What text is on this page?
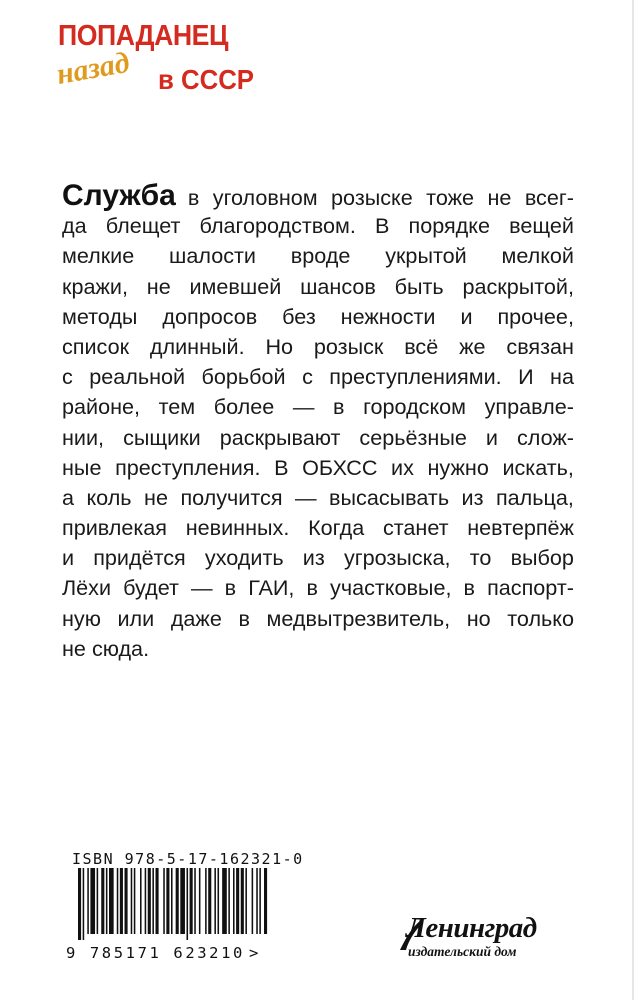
ПОПАДАНЕЦ
назад в СССР
Служба в уголовном розыске тоже не всег-
да блещет благородством. В порядке вещей
мелкие шалости вроде укрытой мелкой
кражи, не имевшей шансов быть раскрытой,
методы допросов без нежности и прочее,
список длинный. Но розыск всё же связан
с реальной борьбой с преступлениями. И на
районе, тем более — в городском управле-
нии, сыщики раскрывают серьёзные и слож-
ные преступления. В ОБХСС их нужно искать,
а коль не получится — высасывать из пальца,
привлекая невинных. Когда станет невтерпёж
и придётся уходить из угрозыска, то выбор
Лёхи будет — в ГАИ, в участковые, в паспорт-
ную или даже в медвытрезвитель, но только
не сюда.
ISBN 978-5-17-162321-0
9 785171 623210 >
Ленинград
издательский дом
